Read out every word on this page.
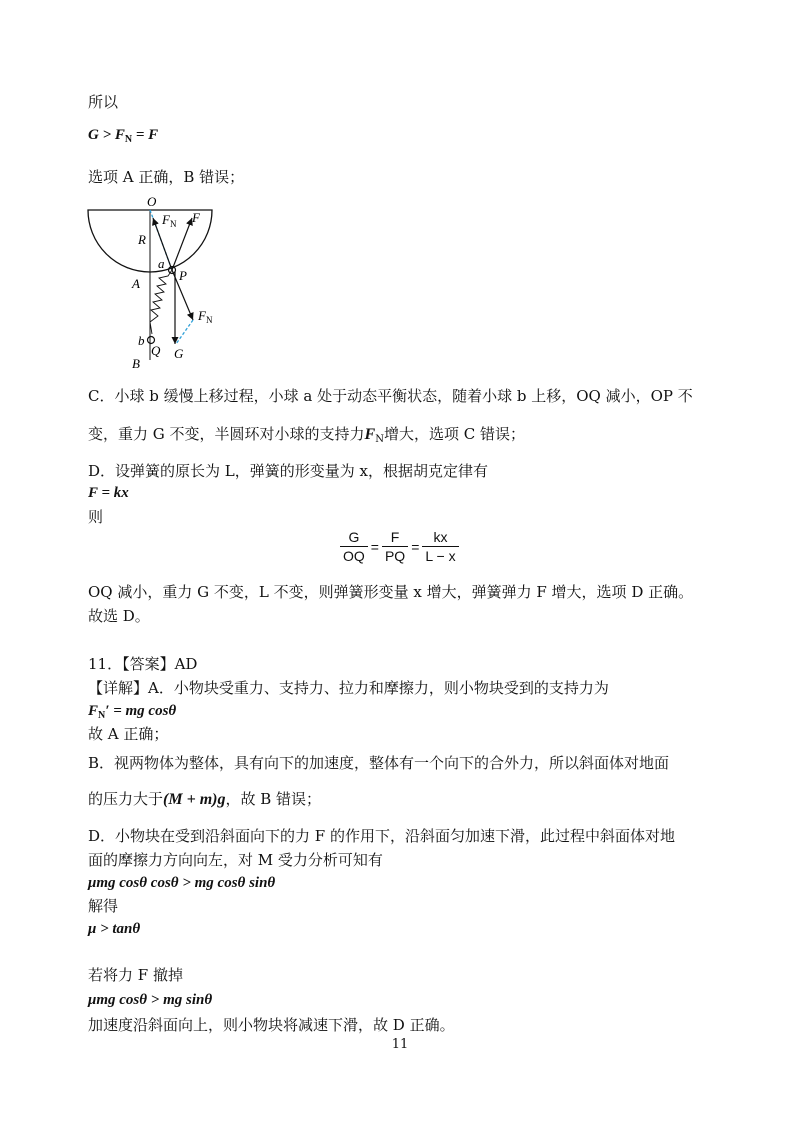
所以
$G > F_N = F$
选项 A 正确，B 错误；
O
$F_N$ F
R
a
P
A
$F_N$
b
Q G
B
C．小球 b 缓慢上移过程，小球 a 处于动态平衡状态，随着小球 b 上移，OQ 减小，OP 不
变，重力 G 不变，半圆环对小球的支持力$F_N$增大，选项 C 错误；
D．设弹簧的原长为 L，弹簧的形变量为 x，根据胡克定律有
F = kx
则
$\frac{G}{OQ} = \frac{F}{PQ} = \frac{kx}{L - x}$
OQ 减小，重力 G 不变，L 不变，则弹簧形变量 x 增大，弹簧弹力 F 增大，选项 D 正确。
故选 D。
11．【答案】AD
【详解】A．小物块受重力、支持力、拉力和摩擦力，则小物块受到的支持力为
$F_N'$ = mg cosθ
故 A 正确；
B．视两物体为整体，具有向下的加速度，整体有一个向下的合外力，所以斜面体对地面
的压力大于(M + m)g，故 B 错误；
D．小物块在受到沿斜面向下的力 F 的作用下，沿斜面匀加速下滑，此过程中斜面体对地
面的摩擦力方向向左，对 M 受力分析可知有
μmg cosθ cosθ > mg cosθ sinθ
解得
μ > tanθ
若将力 F 撤掉
μmg cosθ > mg sinθ
加速度沿斜面向上，则小物块将减速下滑，故 D 正确。
11
